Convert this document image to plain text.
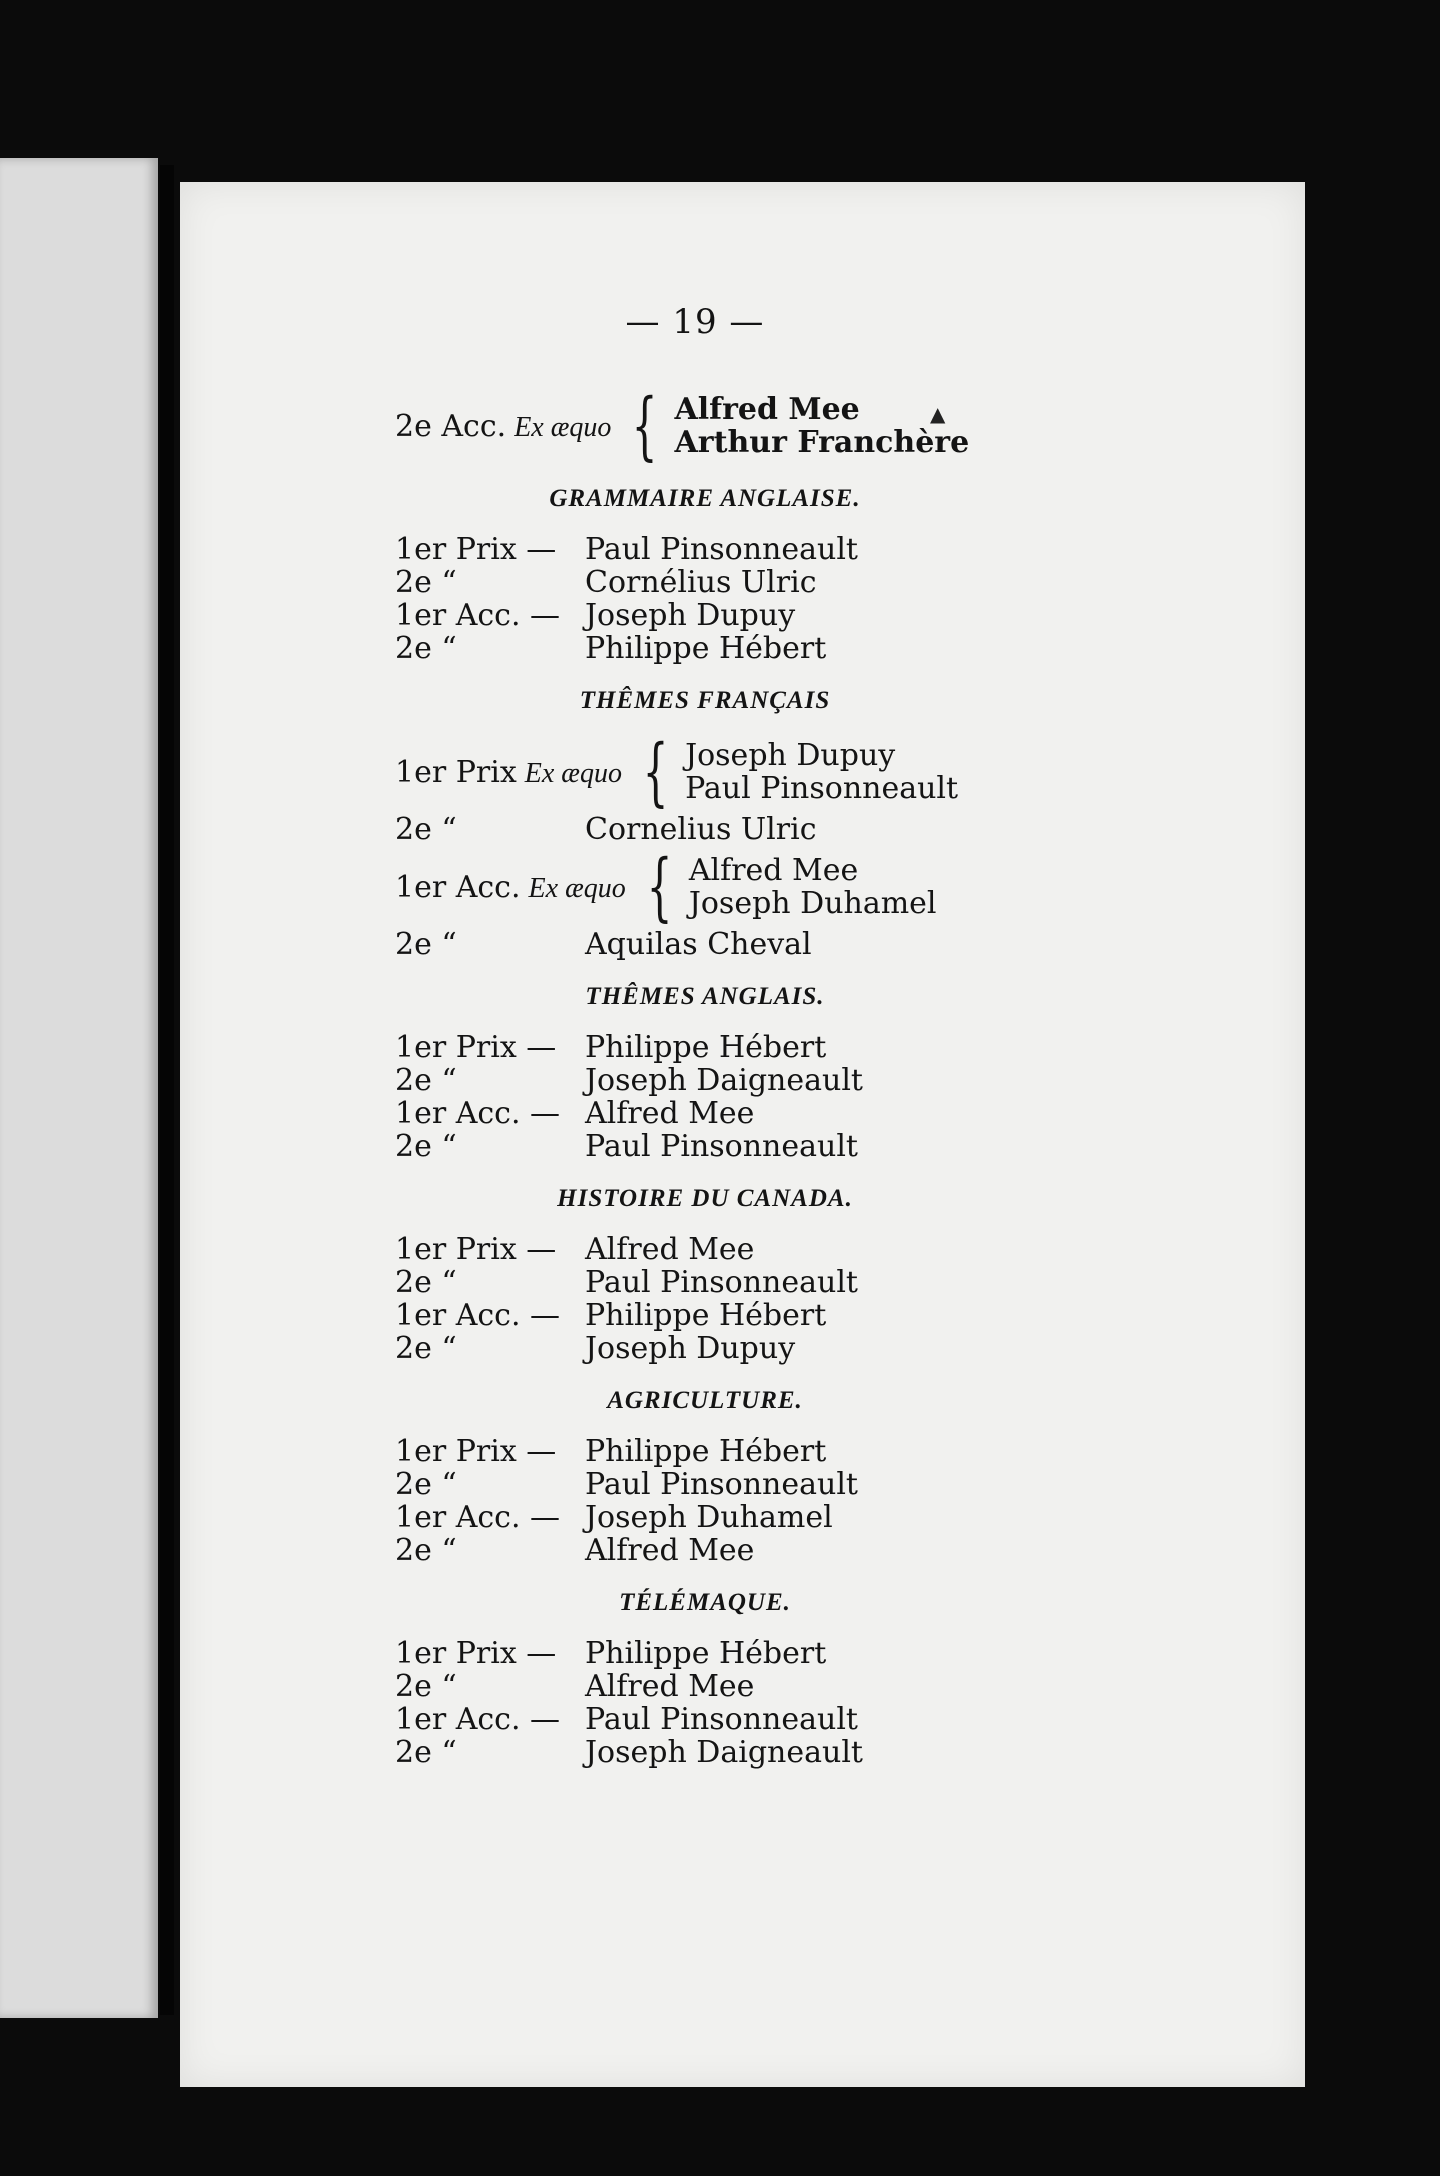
▲
— 19 —
2e Acc. Ex æquo { Alfred Mee
Arthur Franchère
GRAMMAIRE ANGLAISE.
1er Prix — Paul Pinsonneault
2e “	Cornélius Ulric
1er Acc. — Joseph Dupuy
2e “	Philippe Hébert
THÊMES FRANÇAIS
1er Prix Ex æquo { Joseph Dupuy
Paul Pinsonneault
2e “	Cornelius Ulric
1er Acc. Ex æquo { Alfred Mee
Joseph Duhamel
2e “	Aquilas Cheval
THÊMES ANGLAIS.
1er Prix — Philippe Hébert
2e “	Joseph Daigneault
1er Acc. — Alfred Mee
2e “	Paul Pinsonneault
HISTOIRE DU CANADA.
1er Prix — Alfred Mee
2e “	Paul Pinsonneault
1er Acc. — Philippe Hébert
2e “	Joseph Dupuy
AGRICULTURE.
1er Prix — Philippe Hébert
2e “	Paul Pinsonneault
1er Acc. — Joseph Duhamel
2e “	Alfred Mee
TÉLÉMAQUE.
1er Prix — Philippe Hébert
2e “	Alfred Mee
1er Acc. — Paul Pinsonneault
2e “	Joseph Daigneault
